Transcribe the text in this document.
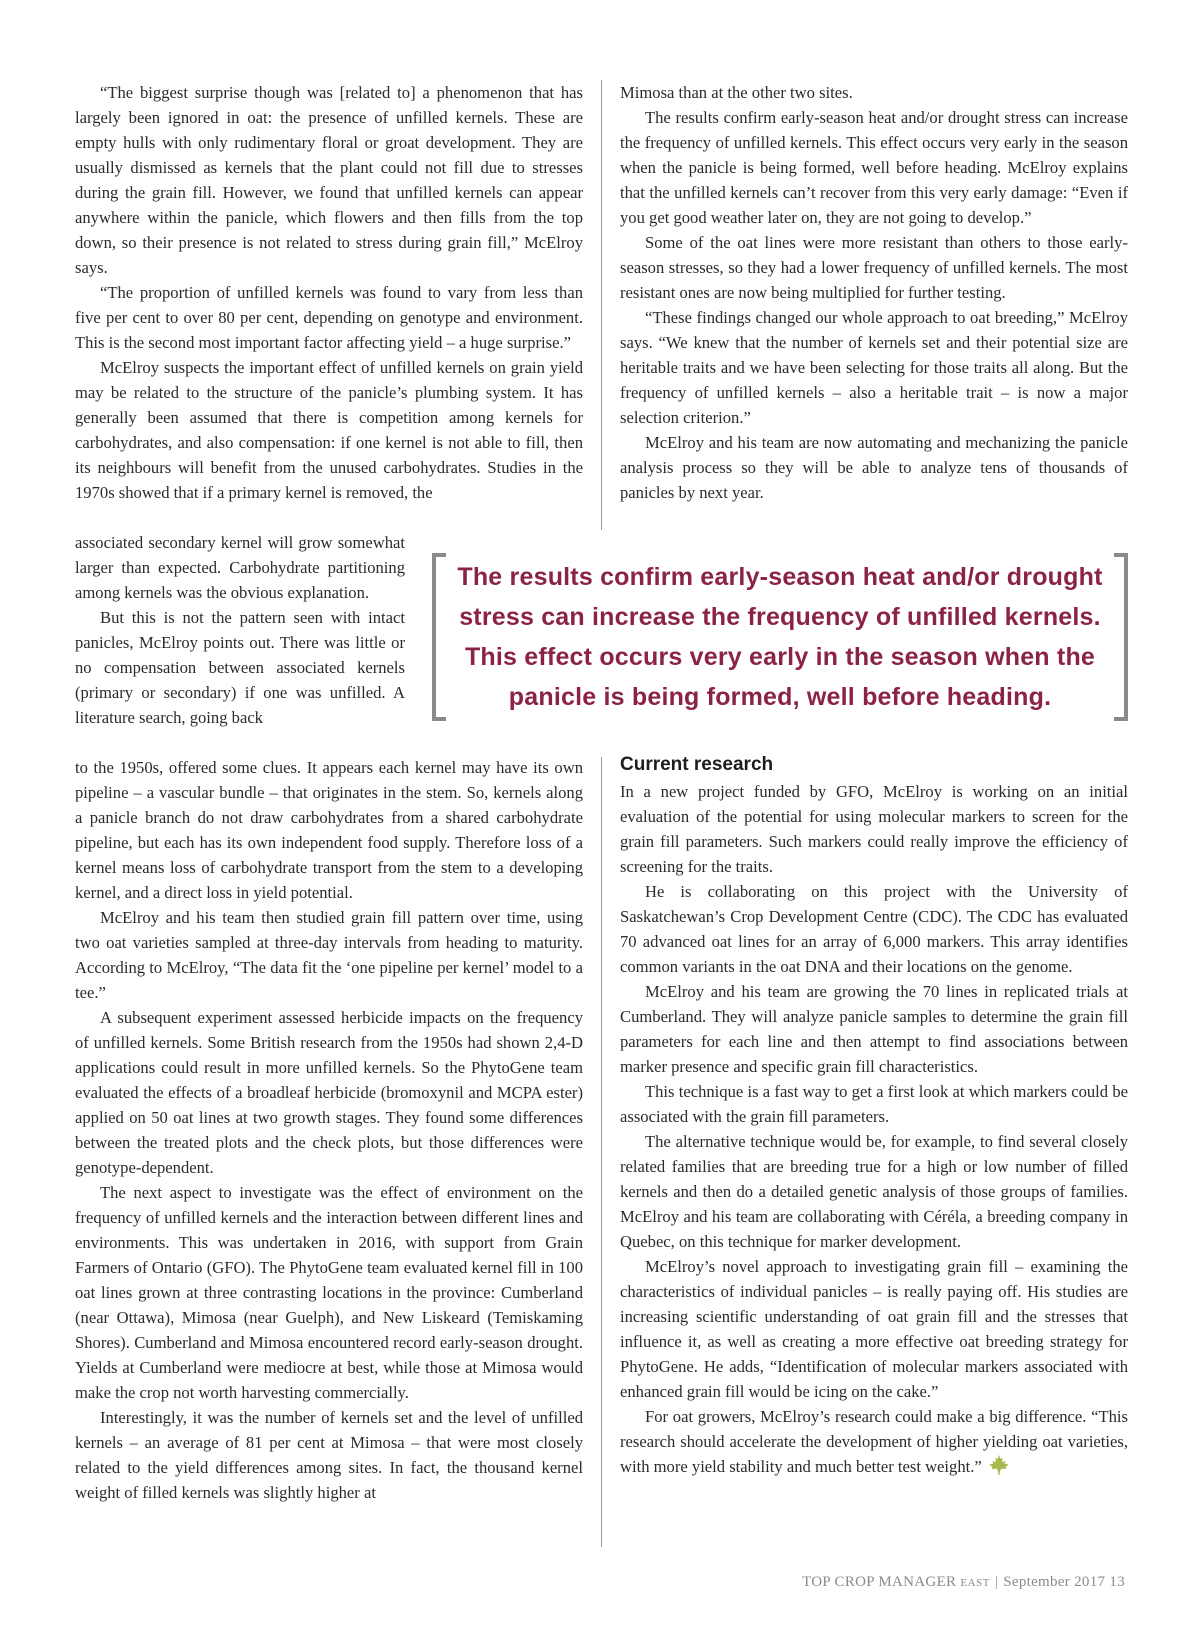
“The biggest surprise though was [related to] a phenomenon that has largely been ignored in oat: the presence of unfilled kernels. These are empty hulls with only rudimentary floral or groat development. They are usually dismissed as kernels that the plant could not fill due to stresses during the grain fill. However, we found that unfilled kernels can appear anywhere within the panicle, which flowers and then fills from the top down, so their presence is not related to stress during grain fill,” McElroy says.

“The proportion of unfilled kernels was found to vary from less than five per cent to over 80 per cent, depending on genotype and environment. This is the second most important factor affecting yield – a huge surprise.”

McElroy suspects the important effect of unfilled kernels on grain yield may be related to the structure of the panicle’s plumbing system. It has generally been assumed that there is competition among kernels for carbohydrates, and also compensation: if one kernel is not able to fill, then its neighbours will benefit from the unused carbohydrates. Studies in the 1970s showed that if a primary kernel is removed, the

associated secondary kernel will grow somewhat larger than expected. Carbohydrate partitioning among kernels was the obvious explanation.

But this is not the pattern seen with intact panicles, McElroy points out. There was little or no compensation between associated kernels (primary or secondary) if one was unfilled. A literature search, going back

to the 1950s, offered some clues. It appears each kernel may have its own pipeline – a vascular bundle – that originates in the stem. So, kernels along a panicle branch do not draw carbohydrates from a shared carbohydrate pipeline, but each has its own independent food supply. Therefore loss of a kernel means loss of carbohydrate transport from the stem to a developing kernel, and a direct loss in yield potential.

McElroy and his team then studied grain fill pattern over time, using two oat varieties sampled at three-day intervals from heading to maturity. According to McElroy, “The data fit the ‘one pipeline per kernel’ model to a tee.”

A subsequent experiment assessed herbicide impacts on the frequency of unfilled kernels. Some British research from the 1950s had shown 2,4-D applications could result in more unfilled kernels. So the PhytoGene team evaluated the effects of a broadleaf herbicide (bromoxynil and MCPA ester) applied on 50 oat lines at two growth stages. They found some differences between the treated plots and the check plots, but those differences were genotype-dependent.

The next aspect to investigate was the effect of environment on the frequency of unfilled kernels and the interaction between different lines and environments. This was undertaken in 2016, with support from Grain Farmers of Ontario (GFO). The PhytoGene team evaluated kernel fill in 100 oat lines grown at three contrasting locations in the province: Cumberland (near Ottawa), Mimosa (near Guelph), and New Liskeard (Temiskaming Shores). Cumberland and Mimosa encountered record early-season drought. Yields at Cumberland were mediocre at best, while those at Mimosa would make the crop not worth harvesting commercially.

Interestingly, it was the number of kernels set and the level of unfilled kernels – an average of 81 per cent at Mimosa – that were most closely related to the yield differences among sites. In fact, the thousand kernel weight of filled kernels was slightly higher at

Mimosa than at the other two sites.

The results confirm early-season heat and/or drought stress can increase the frequency of unfilled kernels. This effect occurs very early in the season when the panicle is being formed, well before heading. McElroy explains that the unfilled kernels can’t recover from this very early damage: “Even if you get good weather later on, they are not going to develop.”

Some of the oat lines were more resistant than others to those early-season stresses, so they had a lower frequency of unfilled kernels. The most resistant ones are now being multiplied for further testing.

“These findings changed our whole approach to oat breeding,” McElroy says. “We knew that the number of kernels set and their potential size are heritable traits and we have been selecting for those traits all along. But the frequency of unfilled kernels – also a heritable trait – is now a major selection criterion.”

McElroy and his team are now automating and mechanizing the panicle analysis process so they will be able to analyze tens of thousands of panicles by next year.

The results confirm early-season heat and/or drought stress can increase the frequency of unfilled kernels. This effect occurs very early in the season when the panicle is being formed, well before heading.
Current research

In a new project funded by GFO, McElroy is working on an initial evaluation of the potential for using molecular markers to screen for the grain fill parameters. Such markers could really improve the efficiency of screening for the traits.

He is collaborating on this project with the University of Saskatchewan’s Crop Development Centre (CDC). The CDC has evaluated 70 advanced oat lines for an array of 6,000 markers. This array identifies common variants in the oat DNA and their locations on the genome.

McElroy and his team are growing the 70 lines in replicated trials at Cumberland. They will analyze panicle samples to determine the grain fill parameters for each line and then attempt to find associations between marker presence and specific grain fill characteristics.

This technique is a fast way to get a first look at which markers could be associated with the grain fill parameters.

The alternative technique would be, for example, to find several closely related families that are breeding true for a high or low number of filled kernels and then do a detailed genetic analysis of those groups of families. McElroy and his team are collaborating with Céréla, a breeding company in Quebec, on this technique for marker development.

McElroy’s novel approach to investigating grain fill – examining the characteristics of individual panicles – is really paying off. His studies are increasing scientific understanding of oat grain fill and the stresses that influence it, as well as creating a more effective oat breeding strategy for PhytoGene. He adds, “Identification of molecular markers associated with enhanced grain fill would be icing on the cake.”

For oat growers, McElroy’s research could make a big difference. “This research should accelerate the development of higher yielding oat varieties, with more yield stability and much better test weight.”

TOP CROP MANAGER EAST | September 2017 13
